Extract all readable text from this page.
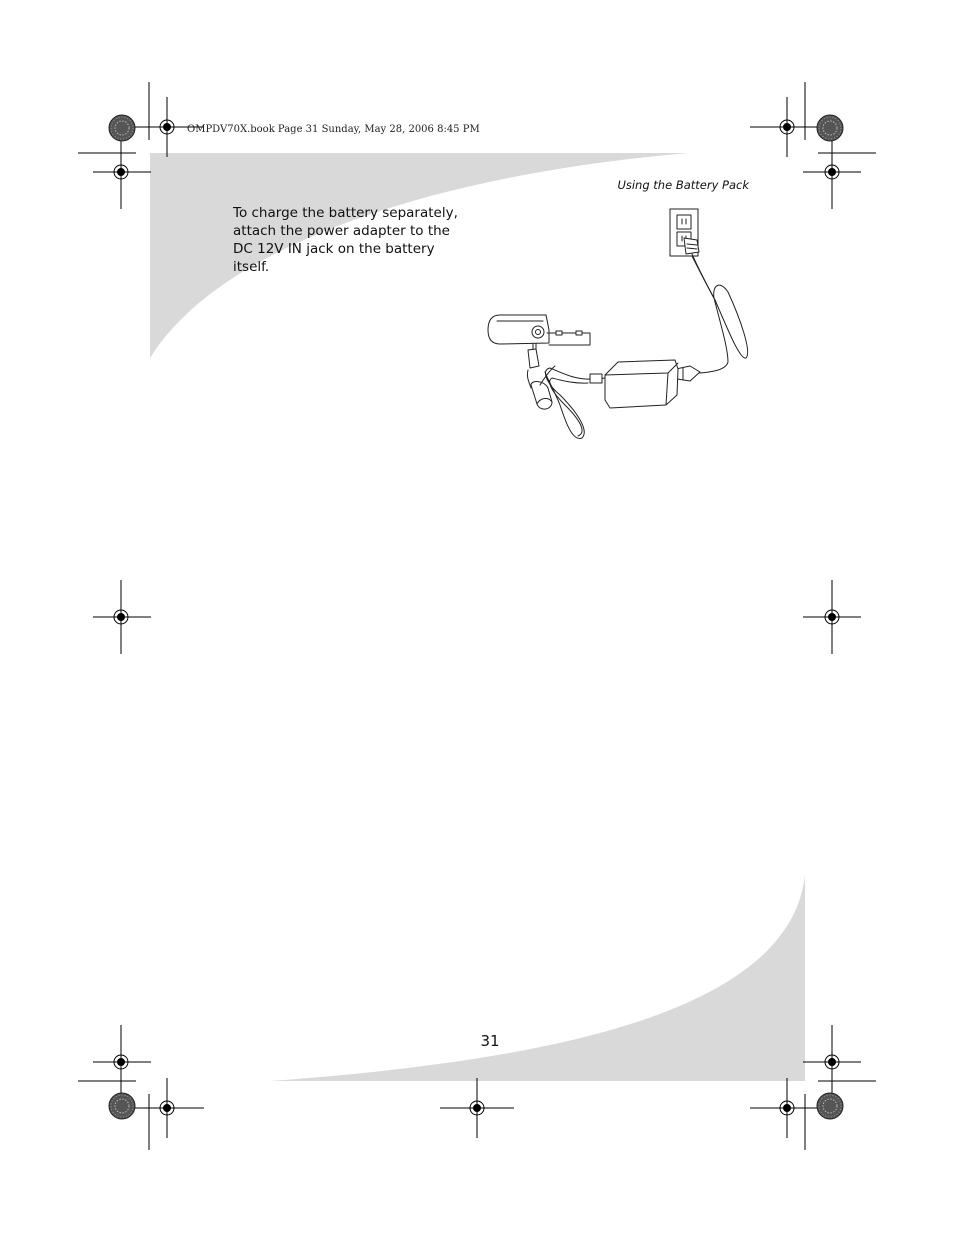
OMPDV70X.book Page 31 Sunday, May 28, 2006 8:45 PM
Using the Battery Pack
To charge the battery separately, attach the power adapter to the DC 12V IN jack on the battery itself.
31
